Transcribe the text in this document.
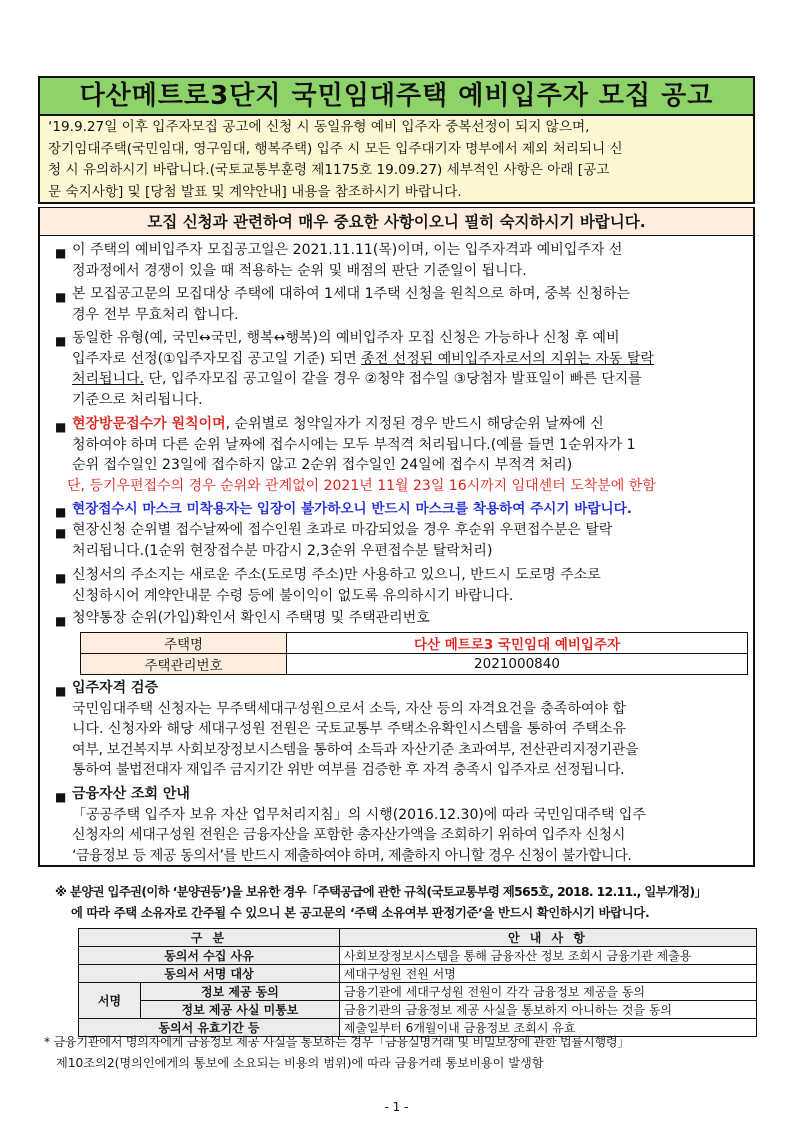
다산메트로3단지 국민임대주택 예비입주자 모집 공고
‘19.9.27일 이후 입주자모집 공고에 신청 시 동일유형 예비 입주자 중복선정이 되지 않으며,
장기임대주택(국민임대, 영구임대, 행복주택) 입주 시 모든 입주대기자 명부에서 제외 처리되니 신
청 시 유의하시기 바랍니다.(국토교통부훈령 제1175호 19.09.27) 세부적인 사항은 아래 [공고
문 숙지사항] 및 [당첨 발표 및 계약안내] 내용을 참조하시기 바랍니다.
모집 신청과 관련하여 매우 중요한 사항이오니 필히 숙지하시기 바랍니다.
■ 이 주택의 예비입주자 모집공고일은 2021.11.11(목)이며, 이는 입주자격과 예비입주자 선
정과정에서 경쟁이 있을 때 적용하는 순위 및 배점의 판단 기준일이 됩니다.
■ 본 모집공고문의 모집대상 주택에 대하여 1세대 1주택 신청을 원칙으로 하며, 중복 신청하는
경우 전부 무효처리 합니다.
■ 동일한 유형(예, 국민↔국민, 행복↔행복)의 예비입주자 모집 신청은 가능하나 신청 후 예비
입주자로 선정(①입주자모집 공고일 기준) 되면 종전 선정된 예비입주자로서의 지위는 자동 탈락
처리됩니다. 단, 입주자모집 공고일이 같을 경우 ②청약 접수일 ③당첨자 발표일이 빠른 단지를
기준으로 처리됩니다.
■ 현장방문접수가 원칙이며, 순위별로 청약일자가 지정된 경우 반드시 해당순위 날짜에 신
청하여야 하며 다른 순위 날짜에 접수시에는 모두 부적격 처리됩니다.(예를 들면 1순위자가 1
순위 접수일인 23일에 접수하지 않고 2순위 접수일인 24일에 접수시 부적격 처리)
단, 등기우편접수의 경우 순위와 관계없이 2021년 11월 23일 16시까지 임대센터 도착분에 한함
■ 현장접수시 마스크 미착용자는 입장이 불가하오니 반드시 마스크를 착용하여 주시기 바랍니다.
■ 현장신청 순위별 접수날짜에 접수인원 초과로 마감되었을 경우 후순위 우편접수분은 탈락
처리됩니다.(1순위 현장접수분 마감시 2,3순위 우편접수분 탈락처리)
■ 신청서의 주소지는 새로운 주소(도로명 주소)만 사용하고 있으니, 반드시 도로명 주소로
신청하시어 계약안내문 수령 등에 불이익이 없도록 유의하시기 바랍니다.
■ 청약통장 순위(가입)확인서 확인시 주택명 및 주택관리번호
주택명	다산 메트로3 국민임대 예비입주자
주택관리번호	2021000840
■ 입주자격 검증
국민임대주택 신청자는 무주택세대구성원으로서 소득, 자산 등의 자격요건을 충족하여야 합
니다. 신청자와 해당 세대구성원 전원은 국토교통부 주택소유확인시스템을 통하여 주택소유
여부, 보건복지부 사회보장정보시스템을 통하여 소득과 자산기준 초과여부, 전산관리지정기관을
통하여 불법전대자 재입주 금지기간 위반 여부를 검증한 후 자격 충족시 입주자로 선정됩니다.
■ 금융자산 조회 안내
「공공주택 입주자 보유 자산 업무처리지침」의 시행(2016.12.30)에 따라 국민임대주택 입주
신청자의 세대구성원 전원은 금융자산을 포함한 총자산가액을 조회하기 위하여 입주자 신청시
‘금융정보 등 제공 동의서’를 반드시 제출하여야 하며, 제출하지 아니할 경우 신청이 불가합니다.
※ 분양권 입주권(이하 ‘분양권등’)을 보유한 경우「주택공급에 관한 규칙(국토교통부령 제565호, 2018. 12.11., 일부개정)」
에 따라 주택 소유자로 간주될 수 있으니 본 공고문의 ‘주택 소유여부 판정기준’을 반드시 확인하시기 바랍니다.
구 분		안 내 사 항
동의서 수집 사유		사회보장정보시스템을 통해 금융자산 정보 조회시 금융기관 제출용
동의서 서명 대상		세대구성원 전원 서명
서명	정보 제공 동의	금융기관에 세대구성원 전원이 각각 금융정보 제공을 동의
	정보 제공 사실 미통보	금융기관의 금융정보 제공 사실을 통보하지 아니하는 것을 동의
동의서 유효기간 등		제출일부터 6개월이내 금융정보 조회시 유효
* 금융기관에서 명의자에게 금융정보 제공 사실을 통보하는 경우「금융실명거래 및 비밀보장에 관한 법률시행령」
제10조의2(명의인에게의 통보에 소요되는 비용의 범위)에 따라 금융거래 통보비용이 발생함
- 1 -
